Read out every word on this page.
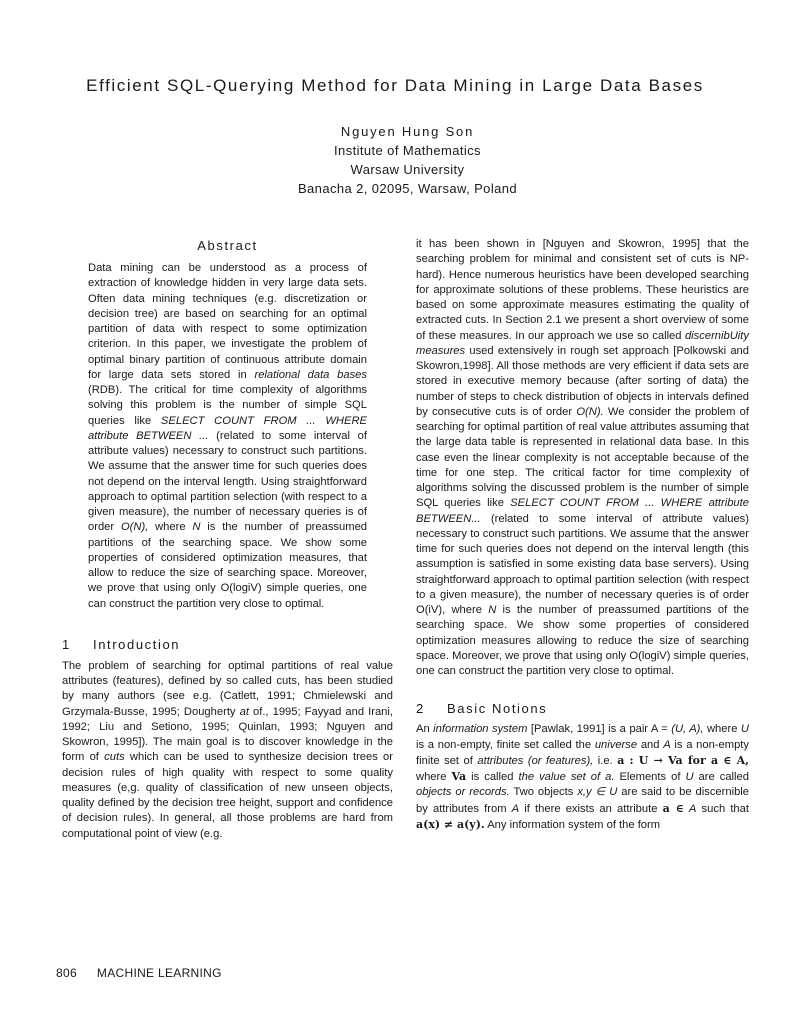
Efficient SQL-Querying Method for Data Mining in Large Data Bases
Nguyen Hung Son
Institute of Mathematics
Warsaw University
Banacha 2, 02095, Warsaw, Poland
Abstract

Data mining can be understood as a process of extraction of knowledge hidden in very large data sets. Often data mining techniques (e.g. discretization or decision tree) are based on searching for an optimal partition of data with respect to some optimization criterion. In this paper, we investigate the problem of optimal binary partition of continuous attribute domain for large data sets stored in relational data bases (RDB). The critical for time complexity of algorithms solving this problem is the number of simple SQL queries like SELECT COUNT FROM ... WHERE attribute BETWEEN ... (related to some interval of attribute values) necessary to construct such partitions. We assume that the answer time for such queries does not depend on the interval length. Using straightforward approach to optimal partition selection (with respect to a given measure), the number of necessary queries is of order O(N), where N is the number of preassumed partitions of the searching space. We show some properties of considered optimization measures, that allow to reduce the size of searching space. Moreover, we prove that using only O(logiV) simple queries, one can construct the partition very close to optimal.

1 Introduction

The problem of searching for optimal partitions of real value attributes (features), defined by so called cuts, has been studied by many authors (see e.g. (Catlett, 1991; Chmielewski and Grzymala-Busse, 1995; Dougherty at of., 1995; Fayyad and Irani, 1992; Liu and Setiono, 1995; Quinlan, 1993; Nguyen and Skowron, 1995]). The main goal is to discover knowledge in the form of cuts which can be used to synthesize decision trees or decision rules of high quality with respect to some quality measures (e,g. quality of classification of new unseen objects, quality defined by the decision tree height, support and confidence of decision rules). In general, all those problems are hard from computational point of view (e.g.

it has been shown in [Nguyen and Skowron, 1995] that the searching problem for minimal and consistent set of cuts is NP-hard). Hence numerous heuristics have been developed searching for approximate solutions of these problems. These heuristics are based on some approximate measures estimating the quality of extracted cuts. In Section 2.1 we present a short overview of some of these measures. In our approach we use so called discernibUity measures used extensively in rough set approach [Polkowski and Skowron,1998]. All those methods are very efficient if data sets are stored in executive memory because (after sorting of data) the number of steps to check distribution of objects in intervals defined by consecutive cuts is of order O(N). We consider the problem of searching for optimal partition of real value attributes assuming that the large data table is represented in relational data base. In this case even the linear complexity is not acceptable because of the time for one step. The critical factor for time complexity of algorithms solving the discussed problem is the number of simple SQL queries like SELECT COUNT FROM ... WHERE attribute BETWEEN... (related to some interval of attribute values) necessary to construct such partitions. We assume that the answer time for such queries does not depend on the interval length (this assumption is satisfied in some existing data base servers). Using straightforward approach to optimal partition selection (with respect to a given measure), the number of necessary queries is of order O(iV), where N is the number of preassumed partitions of the searching space. We show some properties of considered optimization measures allowing to reduce the size of searching space. Moreover, we prove that using only O(logiV) simple queries, one can construct the partition very close to optimal.

2 Basic Notions

An information system [Pawlak, 1991] is a pair A = (U, A), where U is a non-empty, finite set called the universe and A is a non-empty finite set of attributes (or features), i.e. a : U → Va for a ∈ A, where Va is called the value set of a. Elements of U are called objects or records. Two objects x,y ∈ U are said to be discernible by attributes from A if there exists an attribute a ∈ A such that a(x) ≠ a(y). Any information system of the form

806 MACHINE LEARNING
